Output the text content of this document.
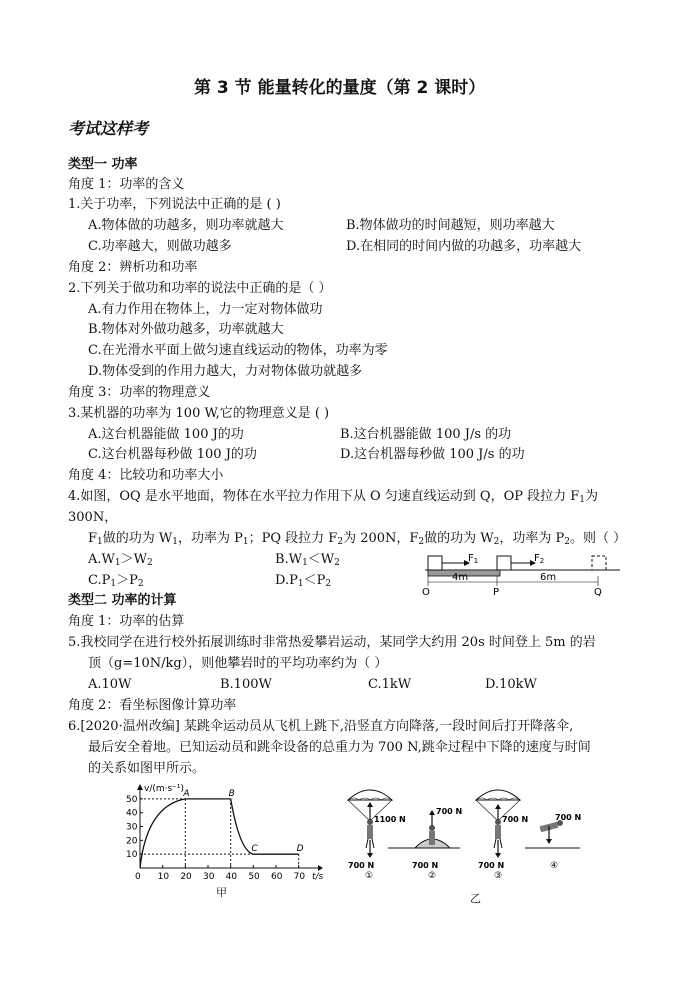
第 3 节 能量转化的量度（第 2 课时）
考试这样考
类型一 功率
角度 1：功率的含义
1.关于功率，下列说法中正确的是 ( )
A.物体做的功越多，则功率就越大	B.物体做功的时间越短，则功率越大
C.功率越大，则做功越多	D.在相同的时间内做的功越多，功率越大
角度 2：辨析功和功率
2.下列关于做功和功率的说法中正确的是（ ）
A.有力作用在物体上，力一定对物体做功
B.物体对外做功越多，功率就越大
C.在光滑水平面上做匀速直线运动的物体，功率为零
D.物体受到的作用力越大，力对物体做功就越多
角度 3：功率的物理意义
3.某机器的功率为 100 W,它的物理意义是 ( )
A.这台机器能做 100 J的功	B.这台机器能做 100 J/s 的功
C.这台机器每秒做 100 J的功	D.这台机器每秒做 100 J/s 的功
角度 4：比较功和功率大小
4.如图，OQ 是水平地面，物体在水平拉力作用下从 O 匀速直线运动到 Q，OP 段拉力 $F_1$为
300N，
$F_1$做的功为 $W_1$，功率为 $P_1$；PQ 段拉力 $F_2$为 200N，$F_2$做的功为 $W_2$，功率为 $P_2$。则（ ）
$A.W_1>W_2$	$B.W_1<W_2$
$C.P_1>P_2$	$D.P_1<P_2$
$F_1$	$F_2$
4m	6m
O	P	Q
类型二 功率的计算
角度 1：功率的估算
5.我校同学在进行校外拓展训练时非常热爱攀岩运动，某同学大约用 20s 时间登上 5m 的岩
顶（g=10N/kg），则他攀岩时的平均功率约为（ ）
A.10W	B.100W	C.1kW	D.10kW
角度 2：看坐标图像计算功率
6.[2020·温州改编] 某跳伞运动员从飞机上跳下,沿竖直方向降落,一段时间后打开降落伞,
最后安全着地。已知运动员和跳伞设备的总重力为 700 N,跳伞过程中下降的速度与时间
的关系如图甲所示。
0 10 20 30 40 50 60 70
10
20
30
40
50
A	B
C	D
v/(m·s⁻¹)
t/s
甲
1100 N
700 N
①
700 N
700 N
②
700 N
700 N
③
700 N
④
乙
